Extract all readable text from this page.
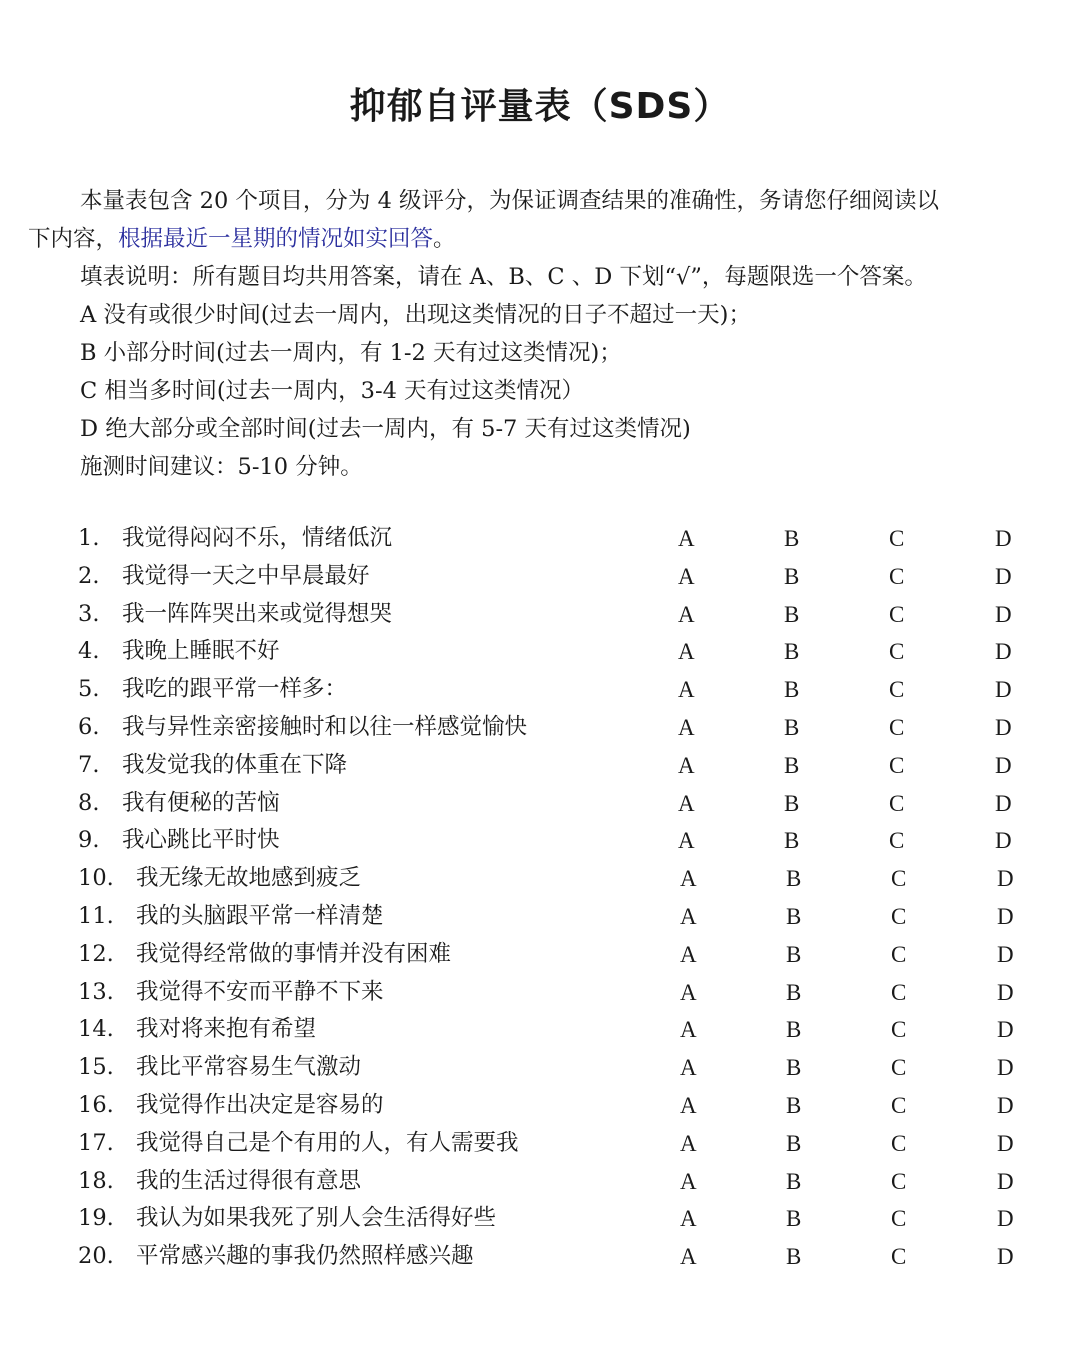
抑郁自评量表（SDS）

本量表包含 20 个项目，分为 4 级评分，为保证调查结果的准确性，务请您仔细阅读以

下内容，根据最近一星期的情况如实回答。

填表说明：所有题目均共用答案，请在 A、B、C 、D 下划“√”，每题限选一个答案。

A 没有或很少时间(过去一周内，出现这类情况的日子不超过一天)；

B 小部分时间(过去一周内，有 1-2 天有过这类情况)；

C 相当多时间(过去一周内，3-4 天有过这类情况）

D 绝大部分或全部时间(过去一周内，有 5-7 天有过这类情况)

施测时间建议：5-10 分钟。

1. 我觉得闷闷不乐，情绪低沉	A	B	C	D
2. 我觉得一天之中早晨最好	A	B	C	D
3. 我一阵阵哭出来或觉得想哭	A	B	C	D
4. 我晚上睡眠不好	A	B	C	D
5. 我吃的跟平常一样多：	A	B	C	D
6. 我与异性亲密接触时和以往一样感觉愉快	A	B	C	D
7. 我发觉我的体重在下降	A	B	C	D
8. 我有便秘的苦恼	A	B	C	D
9. 我心跳比平时快	A	B	C	D
10. 我无缘无故地感到疲乏	A	B	C	D
11. 我的头脑跟平常一样清楚	A	B	C	D
12. 我觉得经常做的事情并没有困难	A	B	C	D
13. 我觉得不安而平静不下来	A	B	C	D
14. 我对将来抱有希望	A	B	C	D
15. 我比平常容易生气激动	A	B	C	D
16. 我觉得作出决定是容易的	A	B	C	D
17. 我觉得自己是个有用的人，有人需要我	A	B	C	D
18. 我的生活过得很有意思	A	B	C	D
19. 我认为如果我死了别人会生活得好些	A	B	C	D
20. 平常感兴趣的事我仍然照样感兴趣	A	B	C	D
